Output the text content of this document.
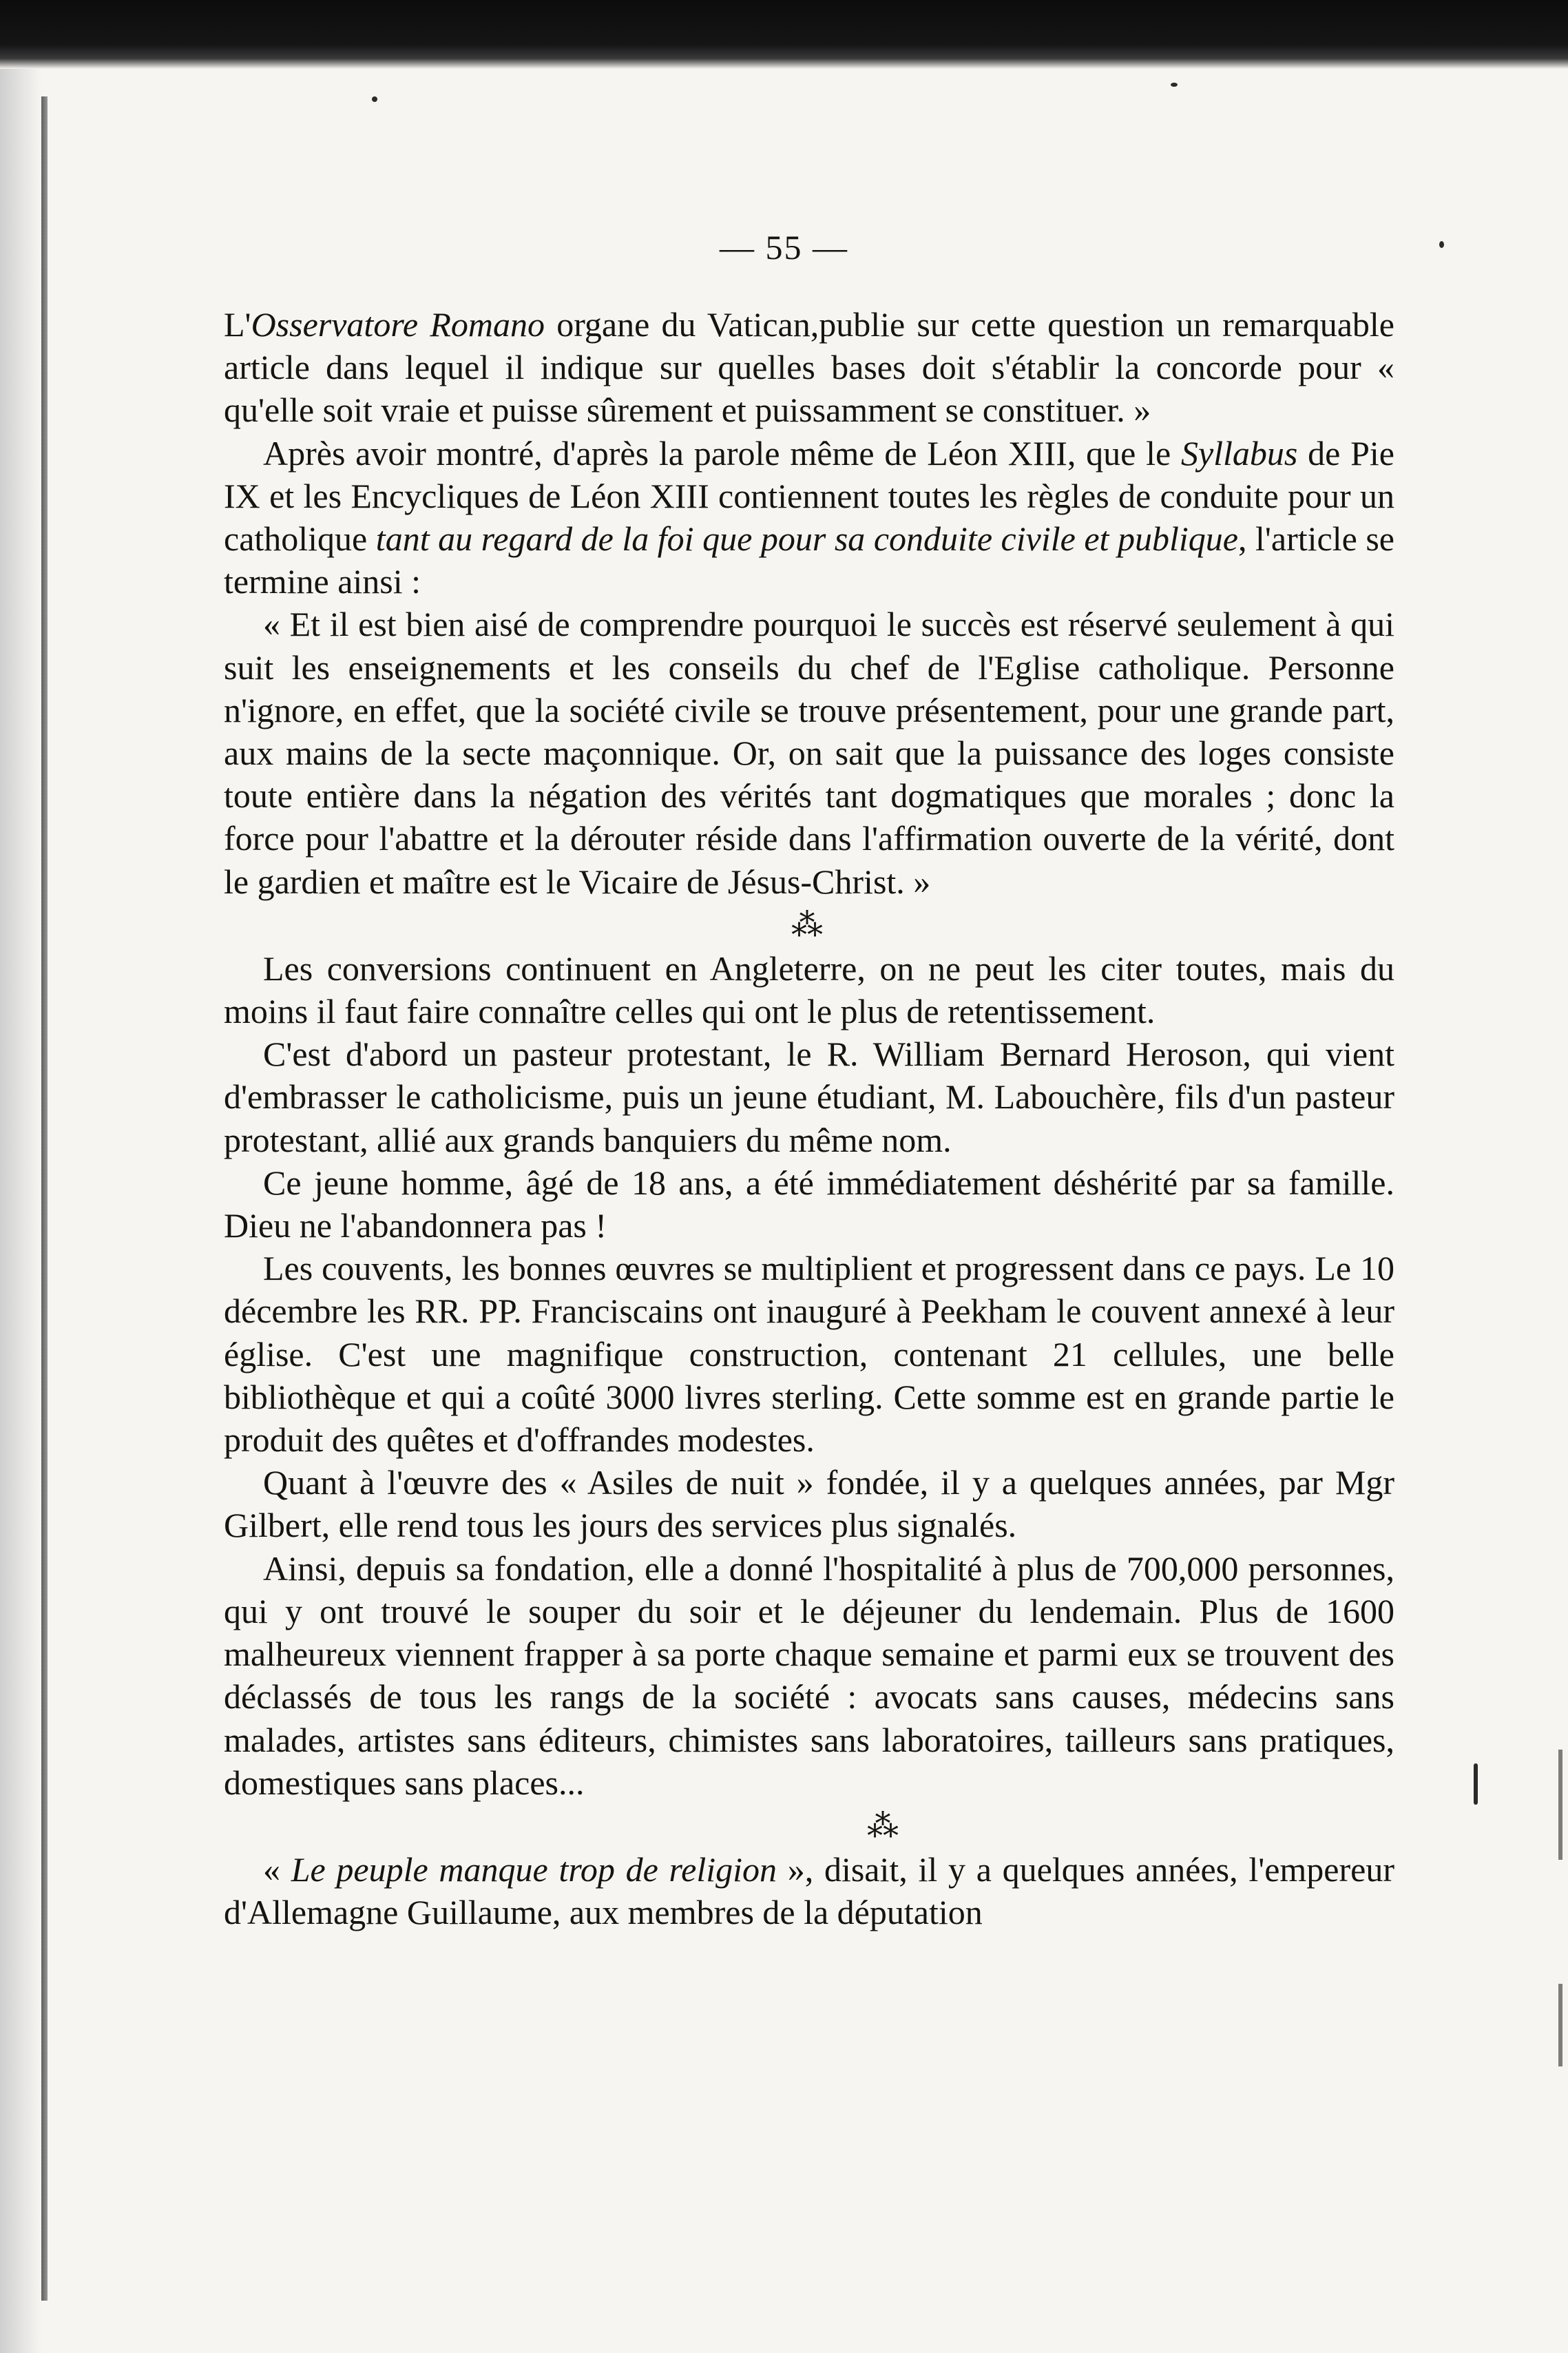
— 55 —

L'Osservatore Romano organe du Vatican,publie sur cette question un remarquable article dans lequel il indique sur quelles bases doit s'établir la concorde pour « qu'elle soit vraie et puisse sûrement et puissamment se constituer. »

Après avoir montré, d'après la parole même de Léon XIII, que le Syllabus de Pie IX et les Encycliques de Léon XIII contiennent toutes les règles de conduite pour un catholique tant au regard de la foi que pour sa conduite civile et publique, l'article se termine ainsi :

« Et il est bien aisé de comprendre pourquoi le succès est réservé seulement à qui suit les enseignements et les conseils du chef de l'Eglise catholique. Personne n'ignore, en effet, que la société civile se trouve présentement, pour une grande part, aux mains de la secte maçonnique. Or, on sait que la puissance des loges consiste toute entière dans la négation des vérités tant dogmatiques que morales ; donc la force pour l'abattre et la dérouter réside dans l'affirmation ouverte de la vérité, dont le gardien et maître est le Vicaire de Jésus-Christ. »

⁂

Les conversions continuent en Angleterre, on ne peut les citer toutes, mais du moins il faut faire connaître celles qui ont le plus de retentissement.

C'est d'abord un pasteur protestant, le R. William Bernard Heroson, qui vient d'embrasser le catholicisme, puis un jeune étudiant, M. Labouchère, fils d'un pasteur protestant, allié aux grands banquiers du même nom.

Ce jeune homme, âgé de 18 ans, a été immédiatement déshérité par sa famille. Dieu ne l'abandonnera pas !

Les couvents, les bonnes œuvres se multiplient et progressent dans ce pays. Le 10 décembre les RR. PP. Franciscains ont inauguré à Peekham le couvent annexé à leur église. C'est une magnifique construction, contenant 21 cellules, une belle bibliothèque et qui a coûté 3000 livres sterling. Cette somme est en grande partie le produit des quêtes et d'offrandes modestes.

Quant à l'œuvre des « Asiles de nuit » fondée, il y a quelques années, par Mgr Gilbert, elle rend tous les jours des services plus signalés.

Ainsi, depuis sa fondation, elle a donné l'hospitalité à plus de 700,000 personnes, qui y ont trouvé le souper du soir et le déjeuner du lendemain. Plus de 1600 malheureux viennent frapper à sa porte chaque semaine et parmi eux se trouvent des déclassés de tous les rangs de la société : avocats sans causes, médecins sans malades, artistes sans éditeurs, chimistes sans laboratoires, tailleurs sans pratiques, domestiques sans places...

⁂

« Le peuple manque trop de religion », disait, il y a quelques années, l'empereur d'Allemagne Guillaume, aux membres de la députation
